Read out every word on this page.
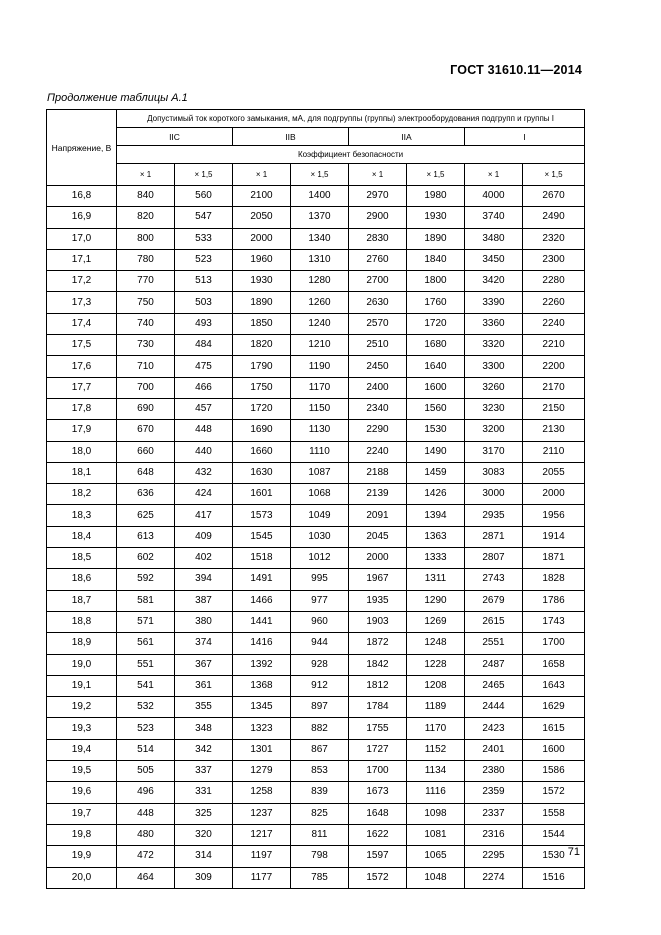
ГОСТ 31610.11—2014
Продолжение таблицы А.1
Напряжение, В	Допустимый ток короткого замыкания, мА, для подгруппы (группы) электрооборудования подгрупп и группы I							
	IIC		IIB		IIA		I	
	Коэффициент безопасности							
	× 1	× 1,5	× 1	× 1,5	× 1	× 1,5	× 1	× 1,5
16,8	840	560	2100	1400	2970	1980	4000	2670
16,9	820	547	2050	1370	2900	1930	3740	2490
17,0	800	533	2000	1340	2830	1890	3480	2320
17,1	780	523	1960	1310	2760	1840	3450	2300
17,2	770	513	1930	1280	2700	1800	3420	2280
17,3	750	503	1890	1260	2630	1760	3390	2260
17,4	740	493	1850	1240	2570	1720	3360	2240
17,5	730	484	1820	1210	2510	1680	3320	2210
17,6	710	475	1790	1190	2450	1640	3300	2200
17,7	700	466	1750	1170	2400	1600	3260	2170
17,8	690	457	1720	1150	2340	1560	3230	2150
17,9	670	448	1690	1130	2290	1530	3200	2130
18,0	660	440	1660	1110	2240	1490	3170	2110
18,1	648	432	1630	1087	2188	1459	3083	2055
18,2	636	424	1601	1068	2139	1426	3000	2000
18,3	625	417	1573	1049	2091	1394	2935	1956
18,4	613	409	1545	1030	2045	1363	2871	1914
18,5	602	402	1518	1012	2000	1333	2807	1871
18,6	592	394	1491	995	1967	1311	2743	1828
18,7	581	387	1466	977	1935	1290	2679	1786
18,8	571	380	1441	960	1903	1269	2615	1743
18,9	561	374	1416	944	1872	1248	2551	1700
19,0	551	367	1392	928	1842	1228	2487	1658
19,1	541	361	1368	912	1812	1208	2465	1643
19,2	532	355	1345	897	1784	1189	2444	1629
19,3	523	348	1323	882	1755	1170	2423	1615
19,4	514	342	1301	867	1727	1152	2401	1600
19,5	505	337	1279	853	1700	1134	2380	1586
19,6	496	331	1258	839	1673	1116	2359	1572
19,7	448	325	1237	825	1648	1098	2337	1558
19,8	480	320	1217	811	1622	1081	2316	1544
19,9	472	314	1197	798	1597	1065	2295	1530
20,0	464	309	1177	785	1572	1048	2274	1516
71
